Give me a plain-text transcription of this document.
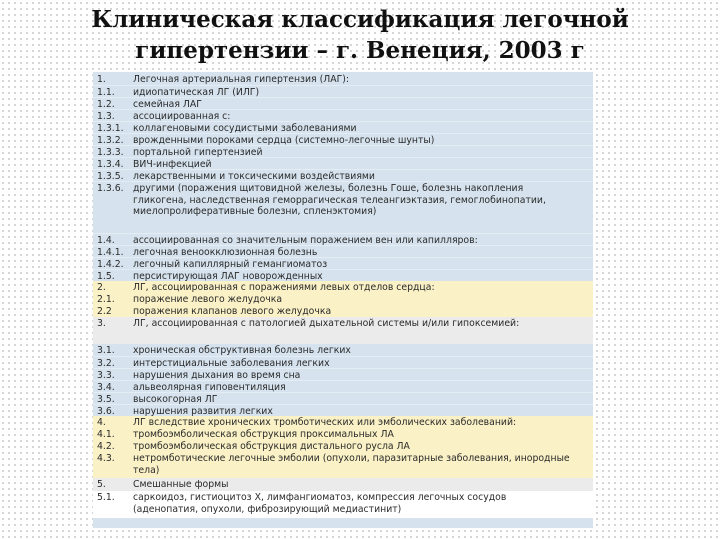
Клиническая классификация легочной
гипертензии – г. Венеция, 2003 г
1.	Легочная артериальная гипертензия (ЛАГ):
1.1.	идиопатическая ЛГ (ИЛГ)
1.2.	семейная ЛАГ
1.3.	ассоциированная с:
1.3.1.	коллагеновыми сосудистыми заболеваниями
1.3.2.	врожденными пороками сердца (системно-легочные шунты)
1.3.3.	портальной гипертензией
1.3.4.	ВИЧ-инфекцией
1.3.5.	лекарственными и токсическими воздействиями
1.3.6.	другими (поражения щитовидной железы, болезнь Гоше, болезнь накопления гликогена, наследственная геморрагическая телеангиэктазия, гемоглобинопатии, миелопролиферативные болезни, спленэктомия)
1.4.	ассоциированная со значительным поражением вен или капилляров:
1.4.1.	легочная веноокклюзионная болезнь
1.4.2.	легочный капиллярный гемангиоматоз
1.5.	персистирующая ЛАГ новорожденных
2.	ЛГ, ассоциированная с поражениями левых отделов сердца:
2.1.	поражение левого желудочка
2.2	поражения клапанов левого желудочка
3.	ЛГ, ассоциированная с патологией дыхательной системы и/или гипоксемией:
3.1.	хроническая обструктивная болезнь легких
3.2.	интерстициальные заболевания легких
3.3.	нарушения дыхания во время сна
3.4.	альвеолярная гиповентиляция
3.5.	высокогорная ЛГ
3.6.	нарушения развития легких
4.	ЛГ вследствие хронических тромботических или эмболических заболеваний:
4.1.	тромбоэмболическая обструкция проксимальных ЛА
4.2.	тромбоэмболическая обструкция дистального русла ЛА
4.3.	нетромботические легочные эмболии (опухоли, паразитарные заболевания, инородные тела)
5.	Смешанные формы
5.1.	саркоидоз, гистиоцитоз Х, лимфангиоматоз, компрессия легочных сосудов (аденопатия, опухоли, фиброзирующий медиастинит)
